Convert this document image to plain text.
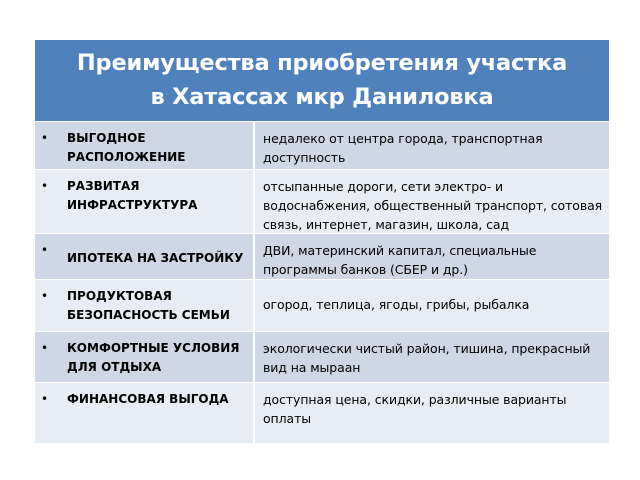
Преимущества приобретения участка
в Хатассах мкр Даниловка
• ВЫГОДНОЕ РАСПОЛОЖЕНИЕ
недалеко от центра города, транспортная доступность
• РАЗВИТАЯ ИНФРАСТРУКТУРА
отсыпанные дороги, сети электро- и водоснабжения, общественный транспорт, сотовая связь, интернет, магазин, школа, сад
•
ИПОТЕКА НА ЗАСТРОЙКУ	ДВИ, материнский капитал, специальные программы банков (СБЕР и др.)
• ПРОДУКТОВАЯ БЕЗОПАСНОСТЬ СЕМЬИ
огород, теплица, ягоды, грибы, рыбалка
• КОМФОРТНЫЕ УСЛОВИЯ ДЛЯ ОТДЫХА
экологически чистый район, тишина, прекрасный вид на мыраан
• ФИНАНСОВАЯ ВЫГОДА	доступная цена, скидки, различные варианты оплаты
